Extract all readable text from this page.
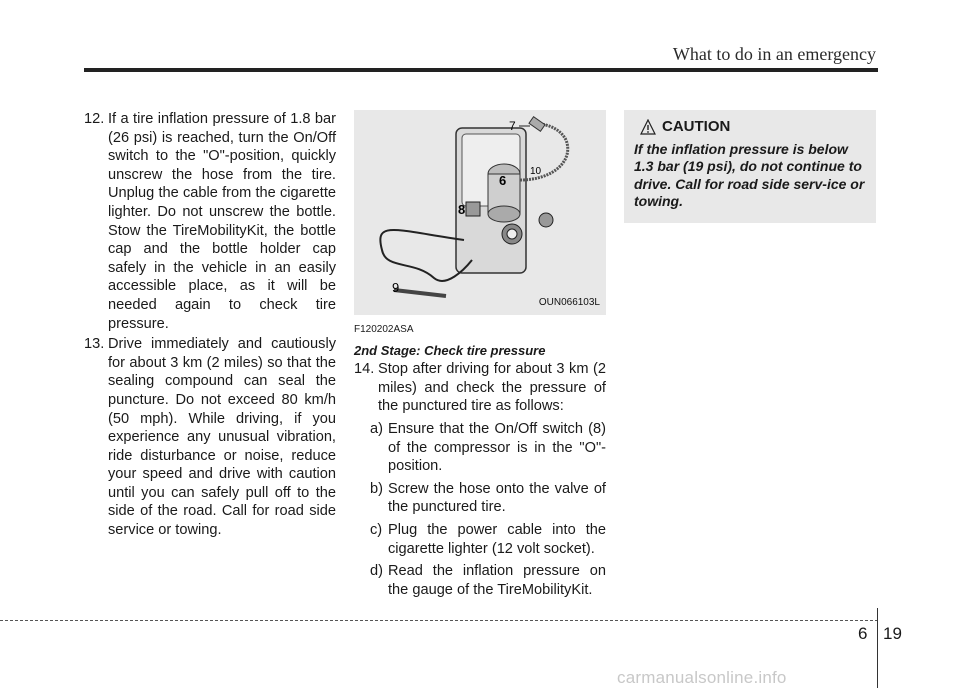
What to do in an emergency
12. If a tire inflation pressure of 1.8 bar (26 psi) is reached, turn the On/Off switch to the "O"-position, quickly unscrew the hose from the tire. Unplug the cable from the cigarette lighter. Do not unscrew the bottle. Stow the TireMobilityKit, the bottle cap and the bottle holder cap safely in the vehicle in an easily accessible place, as it will be needed again to check tire pressure.
13. Drive immediately and cautiously for about 3 km (2 miles) so that the sealing compound can seal the puncture. Do not exceed 80 km/h (50 mph). While driving, if you experience any unusual vibration, ride disturbance or noise, reduce your speed and drive with caution until you can safely pull off to the side of the road. Call for road side service or towing.
7
10
6
8
9
OUN066103L
F120202ASA
2nd Stage: Check tire pressure
14. Stop after driving for about 3 km (2 miles) and check the pressure of the punctured tire as follows:
a) Ensure that the On/Off switch (8) of the compressor is in the "O"-position.
b) Screw the hose onto the valve of the punctured tire.
c) Plug the power cable into the cigarette lighter (12 volt socket).
d) Read the inflation pressure on the gauge of the TireMobilityKit.
CAUTION
If the inflation pressure is below 1.3 bar (19 psi), do not continue to drive. Call for road side serv-ice or towing.
6 19
carmanualsonline.info
